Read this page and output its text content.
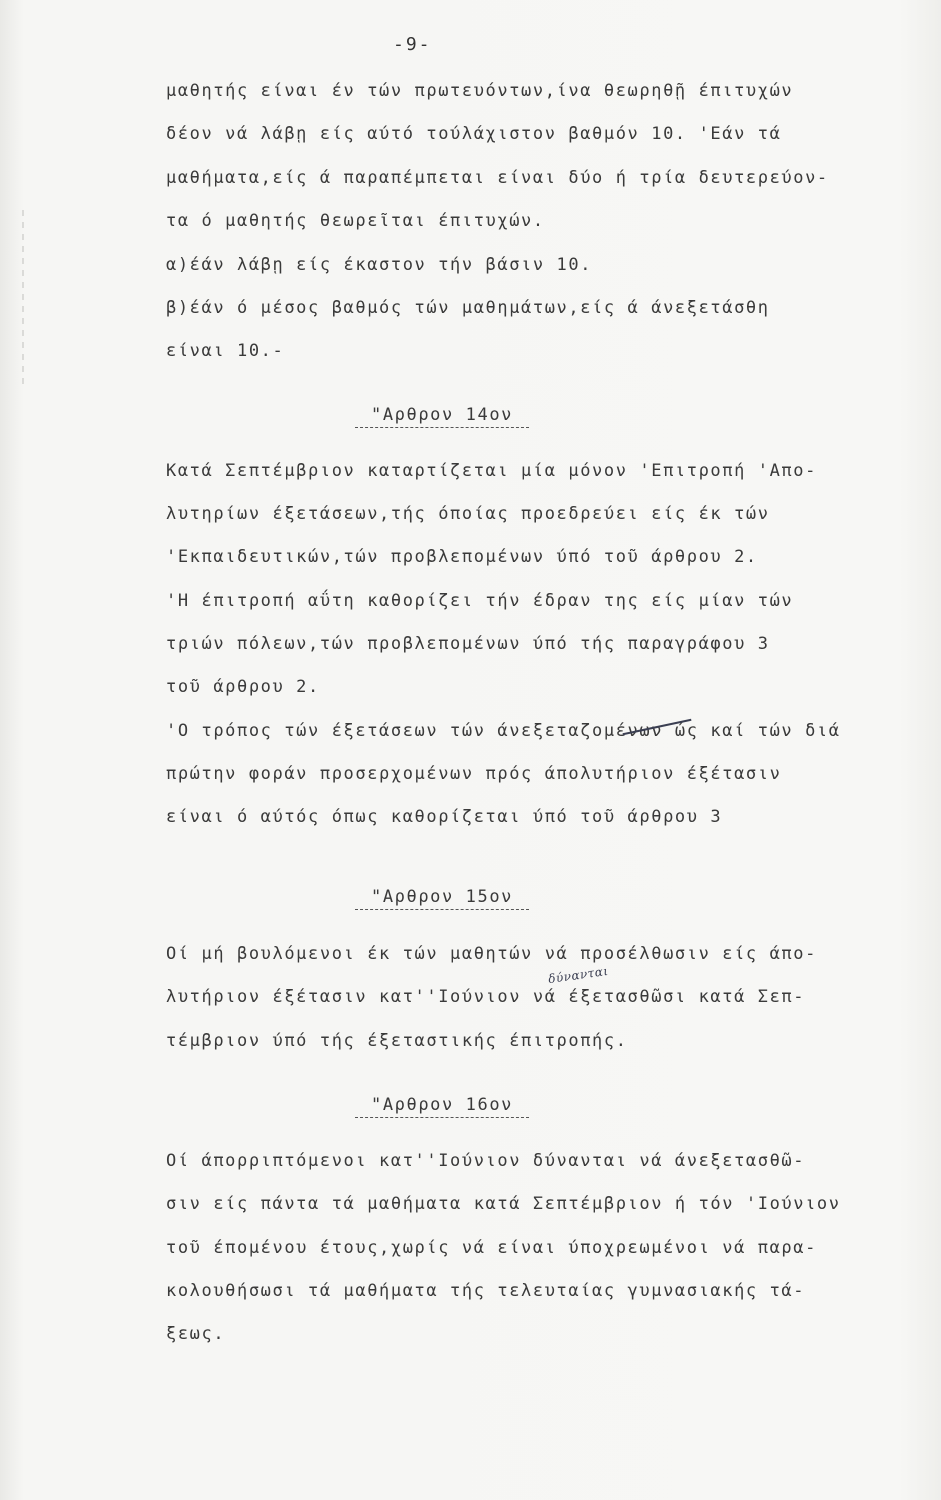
-9-
μαθητής είναι έν τών πρωτευόντων,ίνα θεωρηθῇ έπιτυχών
δέον νά λάβῃ είς αύτό τούλάχιστον βαθμόν 10. 'Εάν τά
μαθήματα,είς ά παραπέμπεται είναι δύο ή τρία δευτερεύον-
τα ό μαθητής θεωρεῖται έπιτυχών.
α)έάν λάβῃ είς έκαστον τήν βάσιν 10.
β)έάν ό μέσος βαθμός τών μαθημάτων,είς ά άνεξετάσθη
είναι 10.-
"Αρθρον 14ον
Κατά Σεπτέμβριον καταρτίζεται μία μόνον 'Επιτροπή 'Απο-
λυτηρίων έξετάσεων,τής όποίας προεδρεύει είς έκ τών
'Εκπαιδευτικών,τών προβλεπομένων ύπό τοῦ άρθρου 2.
'Η έπιτροπή αΰτη καθορίζει τήν έδραν της είς μίαν τών
τριών πόλεων,τών προβλεπομένων ύπό τής παραγράφου 3
τοῦ άρθρου 2.
'Ο τρόπος τών έξετάσεων τών άνεξεταζομένων ώς καί τών διά
πρώτην φοράν προσερχομένων πρός άπολυτήριον έξέτασιν
είναι ό αύτός όπως καθορίζεται ύπό τοῦ άρθρου 3
"Αρθρον 15ον
Οί μή βουλόμενοι έκ τών μαθητών νά προσέλθωσιν είς άπο-
λυτήριον έξέτασιν κατ''Ιούνιον νά έξετασθῶσι κατά Σεπ-
τέμβριον ύπό τής έξεταστικής έπιτροπής.
δύνανται
"Αρθρον 16ον
Οί άπορριπτόμενοι κατ''Ιούνιον δύνανται νά άνεξετασθῶ-
σιν είς πάντα τά μαθήματα κατά Σεπτέμβριον ή τόν 'Ιούνιον
τοῦ έπομένου έτους,χωρίς νά είναι ύποχρεωμένοι νά παρα-
κολουθήσωσι τά μαθήματα τής τελευταίας γυμνασιακής τά-
ξεως.
